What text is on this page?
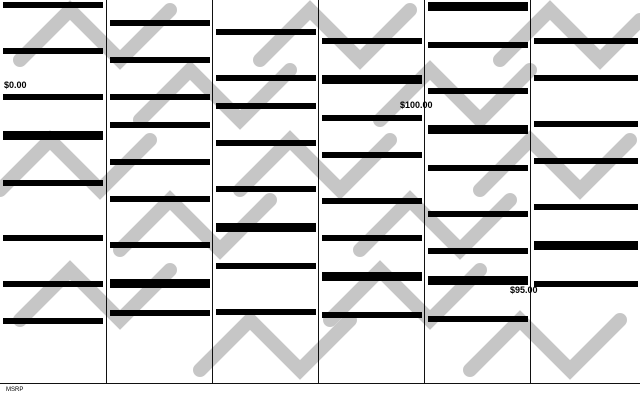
$0.00
$100.00
$1.00
$95.00
MSRP
